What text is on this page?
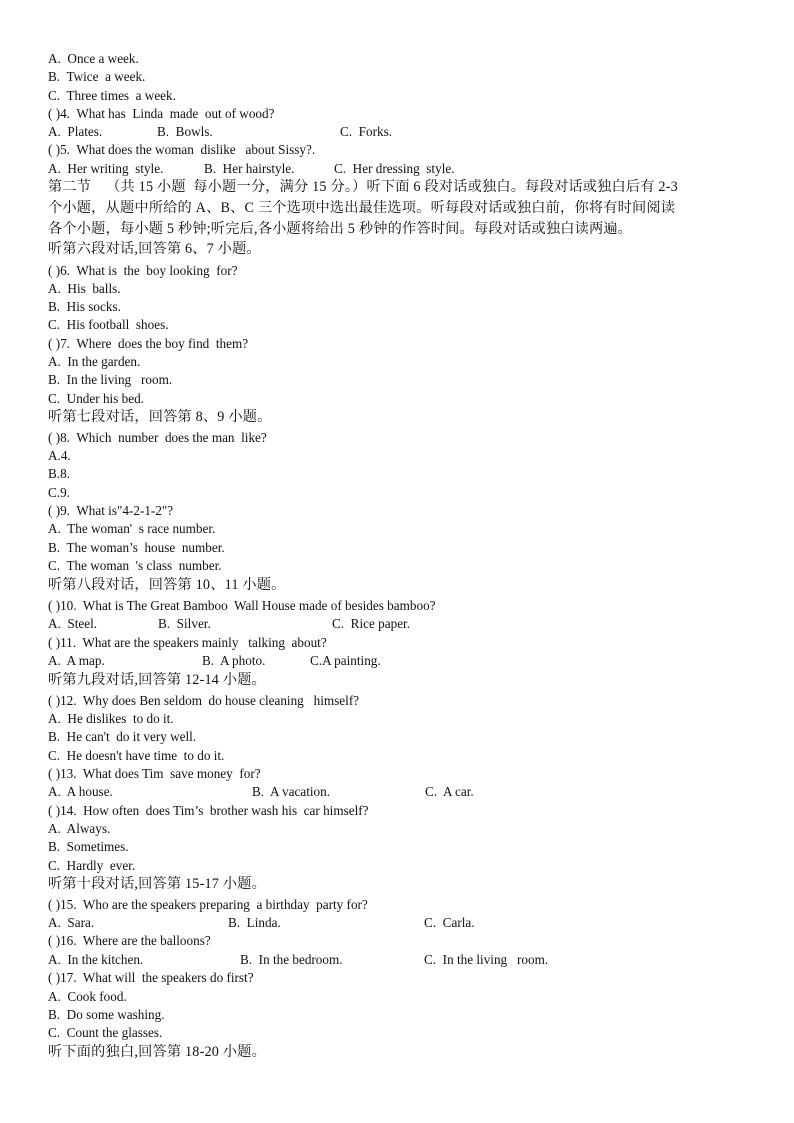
A.  Once a week.
B.  Twice  a week.
C.  Three times  a week.
( )4.  What has  Linda  made  out of wood?

A.  Plates.

	B.  Bowls.

	C.  Forks.

( )5.  What does the woman  dislike   about Sissy?.

A.  Her writing  style.

	B.  Her hairstyle.

	C.  Her dressing  style.

第二节    （共 15 小题  每小题一分，满分 15 分。）听下面 6 段对话或独白。每段对话或独白后有 2-3
个小题，从题中所给的 A、B、C 三个选项中选出最佳选项。听每段对话或独白前，你将有时间阅读
各个小题，每小题 5 秒钟;听完后,各小题将给出 5 秒钟的作答时间。每段对话或独白读两遍。
听第六段对话,回答第 6、7 小题。
( )6.  What is  the  boy looking  for?
A.  His  balls.
B.  His socks.
C.  His football  shoes.
( )7.  Where  does the boy find  them?
A.  In the garden.
B.  In the living   room.
C.  Under his bed.
听第七段对话，回答第 8、9 小题。
( )8.  Which  number  does the man  like?
A.4.
B.8.
C.9.
( )9.  What is"4-2-1-2"?
A.  The woman'  s race number.
B.  The woman’s  house  number.
C.  The woman  's class  number.
听第八段对话，回答第 10、11 小题。
( )10.  What is The Great Bamboo  Wall House made of besides bamboo?

A.  Steel.

	B.  Silver.

	C.  Rice paper.

( )11.  What are the speakers mainly   talking  about?

A.  A map.

	B.  A photo.

	C.A painting.

听第九段对话,回答第 12-14 小题。
( )12.  Why does Ben seldom  do house cleaning   himself?
A.  He dislikes  to do it.
B.  He can't  do it very well.
C.  He doesn't have time  to do it.
( )13.  What does Tim  save money  for?

A.  A house.

	B.  A vacation.

	C.  A car.

( )14.  How often  does Tim’s  brother wash his  car himself?
A.  Always.
B.  Sometimes.
C.  Hardly  ever.
听第十段对话,回答第 15-17 小题。
( )15.  Who are the speakers preparing  a birthday  party for?

A.  Sara.

	B.  Linda.

	C.  Carla.

( )16.  Where are the balloons?

A.  In the kitchen.

	B.  In the bedroom.

	C.  In the living   room.

( )17.  What will  the speakers do first?
A.  Cook food.
B.  Do some washing.
C.  Count the glasses.
听下面的独白,回答第 18-20 小题。
